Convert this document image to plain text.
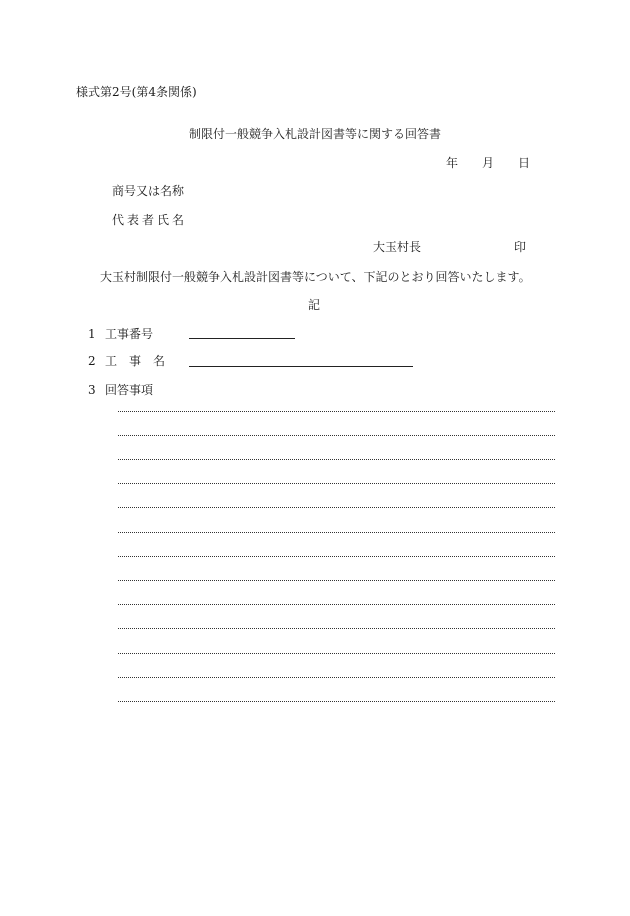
様式第2号(第4条関係)
制限付一般競争入札設計図書等に関する回答書
年 月 日
商号又は名称
代表者氏名
大玉村長	印
大玉村制限付一般競争入札設計図書等について、下記のとおり回答いたします。
記
1 工事番号
2 工　事　名
3 回答事項
